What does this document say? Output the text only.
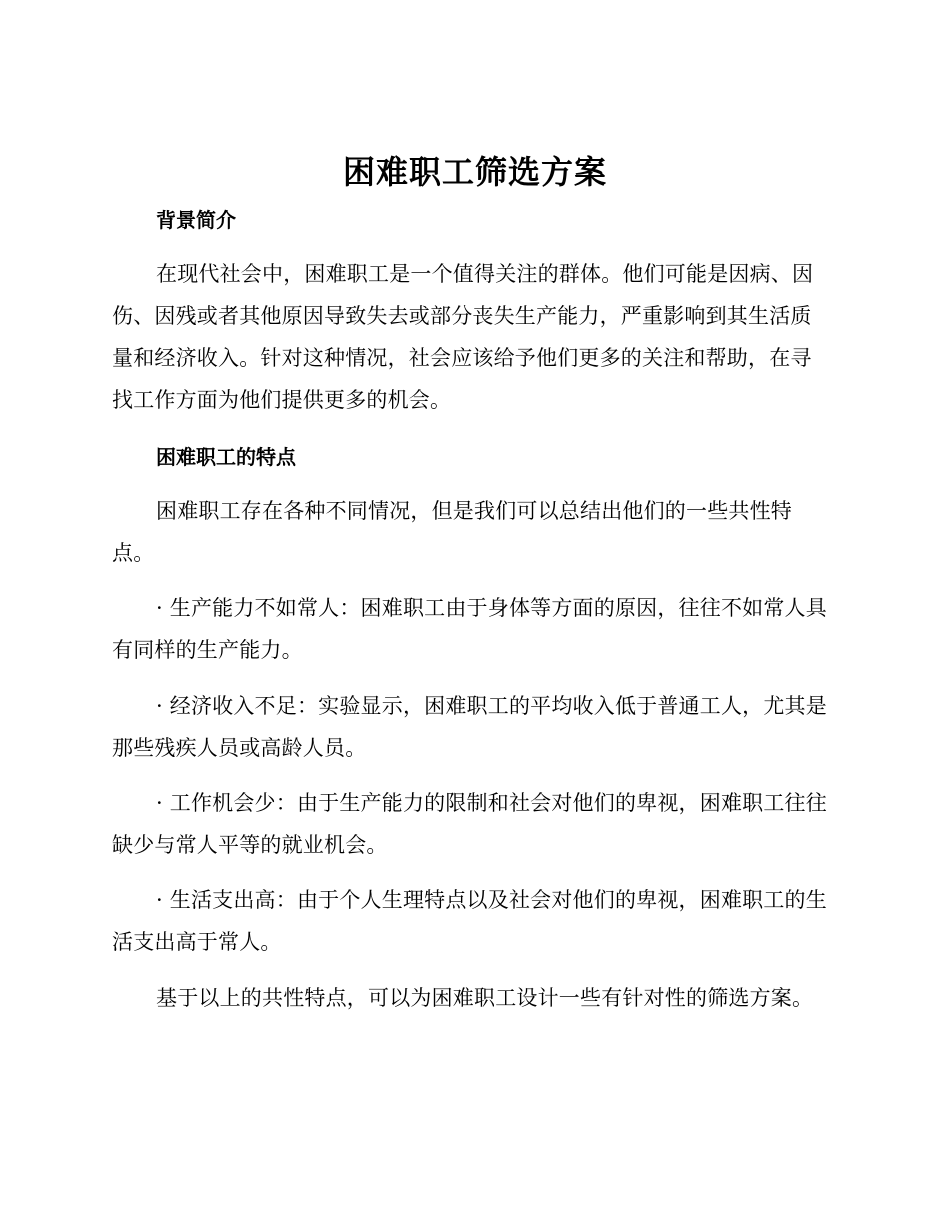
困难职工筛选方案
背景简介

在现代社会中，困难职工是一个值得关注的群体。他们可能是因病、因伤、因残或者其他原因导致失去或部分丧失生产能力，严重影响到其生活质量和经济收入。针对这种情况，社会应该给予他们更多的关注和帮助，在寻找工作方面为他们提供更多的机会。

困难职工的特点

困难职工存在各种不同情况，但是我们可以总结出他们的一些共性特点。

· 生产能力不如常人：困难职工由于身体等方面的原因，往往不如常人具有同样的生产能力。

· 经济收入不足：实验显示，困难职工的平均收入低于普通工人，尤其是那些残疾人员或高龄人员。

· 工作机会少：由于生产能力的限制和社会对他们的卑视，困难职工往往缺少与常人平等的就业机会。

· 生活支出高：由于个人生理特点以及社会对他们的卑视，困难职工的生活支出高于常人。

基于以上的共性特点，可以为困难职工设计一些有针对性的筛选方案。
